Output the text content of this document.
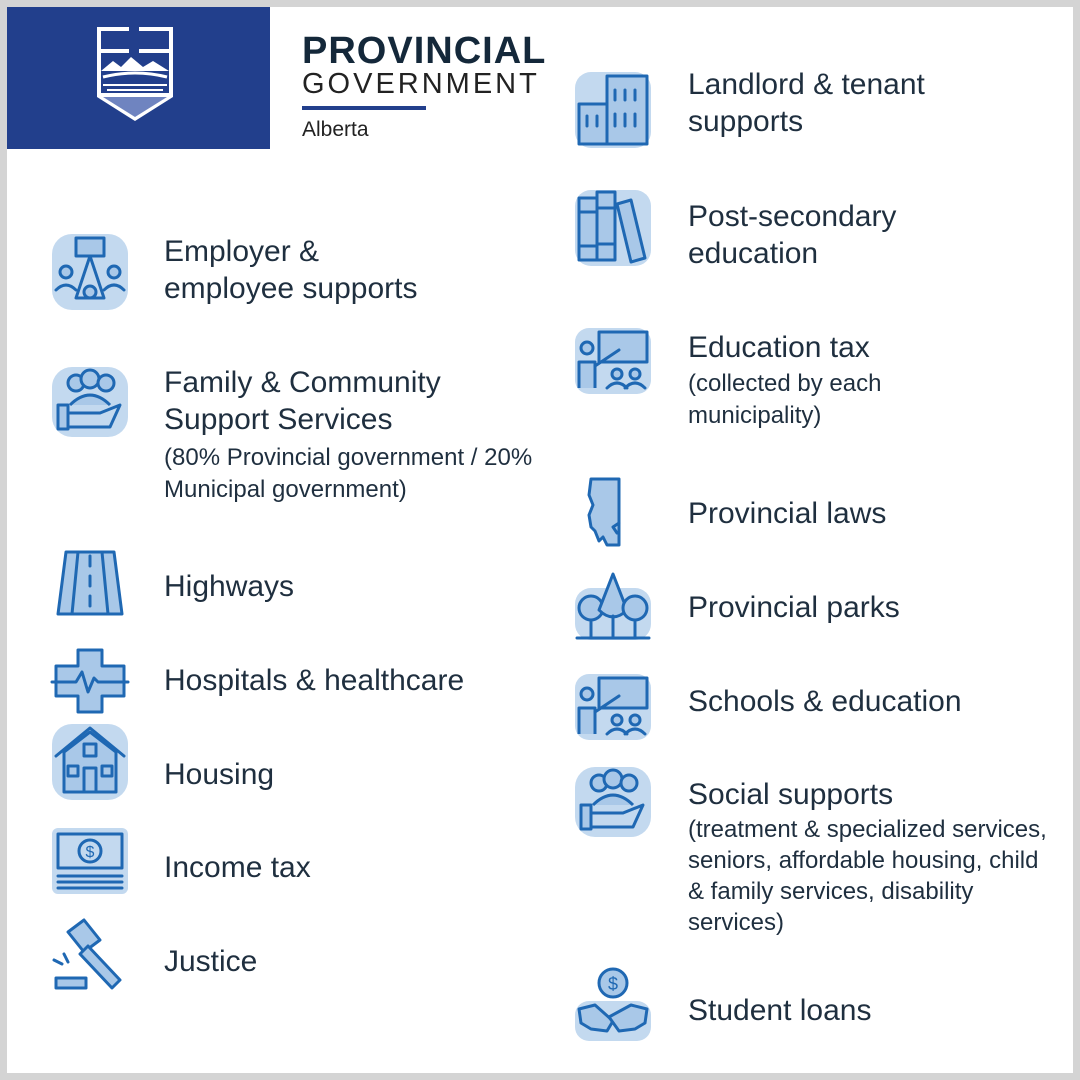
PROVINCIAL
GOVERNMENT
Alberta
Employer & employee supports
Family & Community Support Services
(80% Provincial government / 20% Municipal government)
Highways
Hospitals & healthcare
Housing
$ Income tax
Justice
Landlord & tenant supports
Post-secondary education
Education tax
(collected by each municipality)
Provincial laws
Provincial parks
Schools & education
Social supports
(treatment & specialized services, seniors, affordable housing, child & family services, disability services)
$
Student loans
